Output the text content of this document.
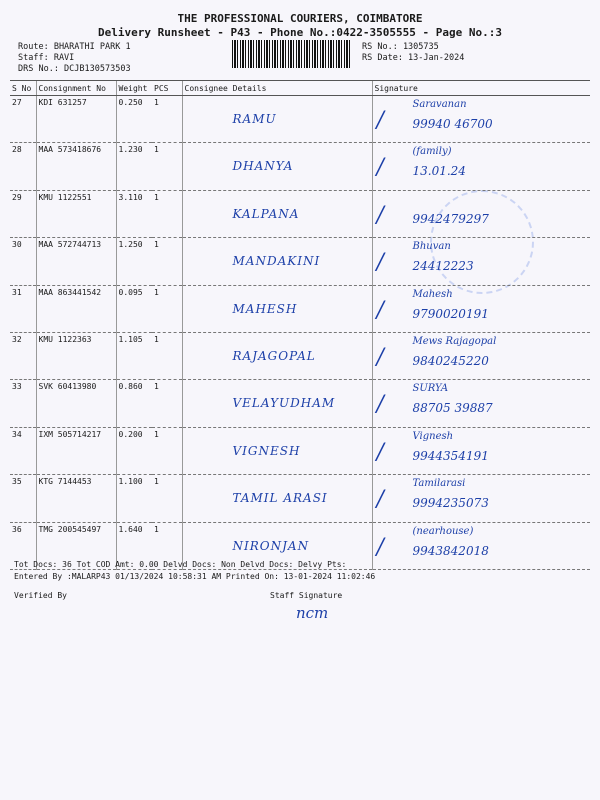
THE PROFESSIONAL COURIERS, COIMBATORE
Delivery Runsheet - P43 - Phone No.:0422-3505555 - Page No.:3
Route: BHARATHI PARK 1
Staff: RAVI
DRS No.: DCJB130573503
RS No.: 1305735
RS Date: 13-Jan-2024
S No	Consignment No	Weight	PCS	Consignee Details	Signature
27	KDI 631257	0.250	1	RAMU	/
Saravanan
99940 46700

28	MAA 573418676	1.230	1	DHANYA	/
(family)
13.01.24

29	KMU 1122551	3.110	1	KALPANA	/ 9942479297

30	MAA 572744713	1.250	1	MANDAKINI	/
Bhuvan
24412223

31	MAA 863441542	0.095	1	MAHESH	/
Mahesh
9790020191

32	KMU 1122363	1.105	1	RAJAGOPAL	/
Mews Rajagopal
9840245220

33	SVK 60413980	0.860	1	VELAYUDHAM	/
SURYA
88705 39887

34	IXM 505714217	0.200	1	VIGNESH	/
Vignesh
9944354191

35	KTG 7144453	1.100	1	TAMIL ARASI	/
Tamilarasi
9994235073

36	TMG 200545497	1.640	1	NIRONJAN	/
(nearhouse)
9943842018
Tot Docs: 36 Tot COD Amt: 0.00 Delvd Docs: Non Delvd Docs: Delvy Pts:
Entered By :MALARP43 01/13/2024 10:58:31 AM Printed On: 13-01-2024 11:02:46
Verified By	Staff Signature
ncm
